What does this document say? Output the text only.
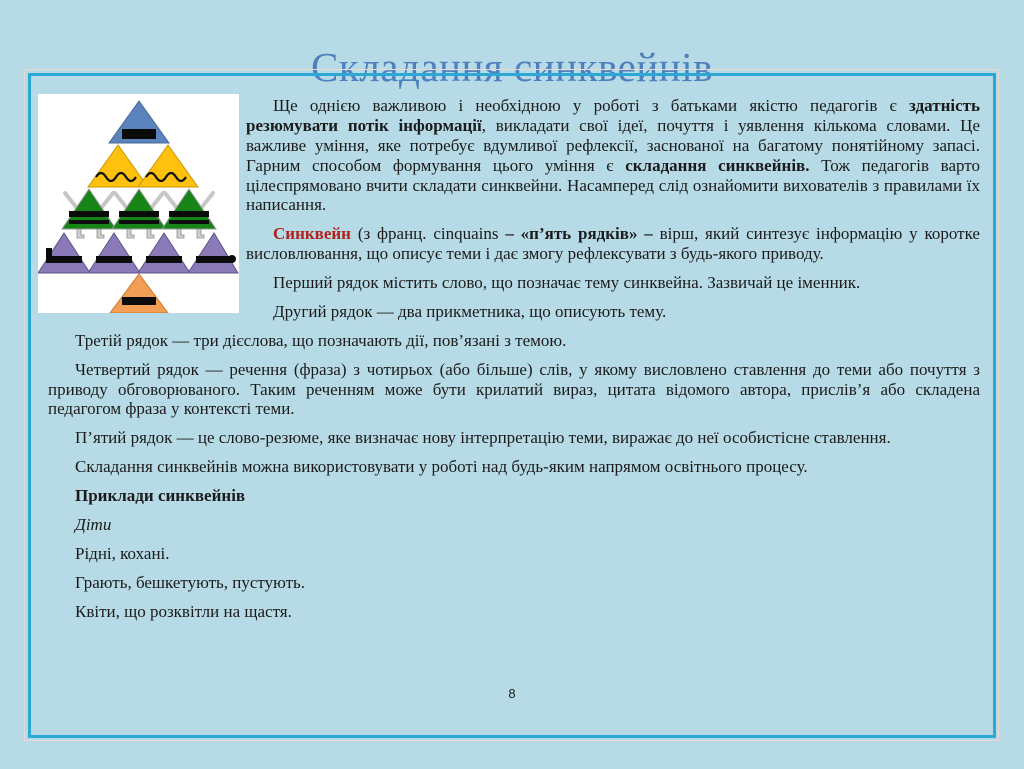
Складання синквейнів

Ще однією важливою і необхідною у роботі з батьками якістю педагогів є здатність резюмувати потік інформації, викладати свої ідеї, почуття і уявлення кількома словами. Це важливе уміння, яке потребує вдумливої рефлексії, заснованої на багатому понятійному запасі. Гарним способом формування цього уміння є складання синквейнів. Тож педагогів варто цілеспрямовано вчити складати синквейни. Насамперед слід ознайомити вихователів з правилами їх написання.

Синквейн (з франц. cinquains – «п’ять рядків» – вірш, який синтезує інформацію у коротке висловлювання, що описує теми і дає змогу рефлексувати з будь-якого приводу.

Перший рядок містить слово, що позначає тему синквейна. Зазвичай це іменник.

Другий рядок — два прикметника, що описують тему.

Третій рядок — три дієслова, що позначають дії, пов’язані з темою.

Четвертий рядок — речення (фраза) з чотирьох (або більше) слів, у якому висловлено ставлення до теми або почуття з приводу обговорюваного. Таким реченням може бути крилатий вираз, цитата відомого автора, прислів’я або складена педагогом фраза у контексті теми.

П’ятий рядок — це слово-резюме, яке визначає нову інтерпретацію теми, виражає до неї особистісне ставлення.

Складання синквейнів можна використовувати у роботі над будь-яким напрямом освітнього процесу.

Приклади синквейнів

Діти

Рідні, кохані.

Грають, бешкетують, пустують.

Квіти, що розквітли на щастя.

8
